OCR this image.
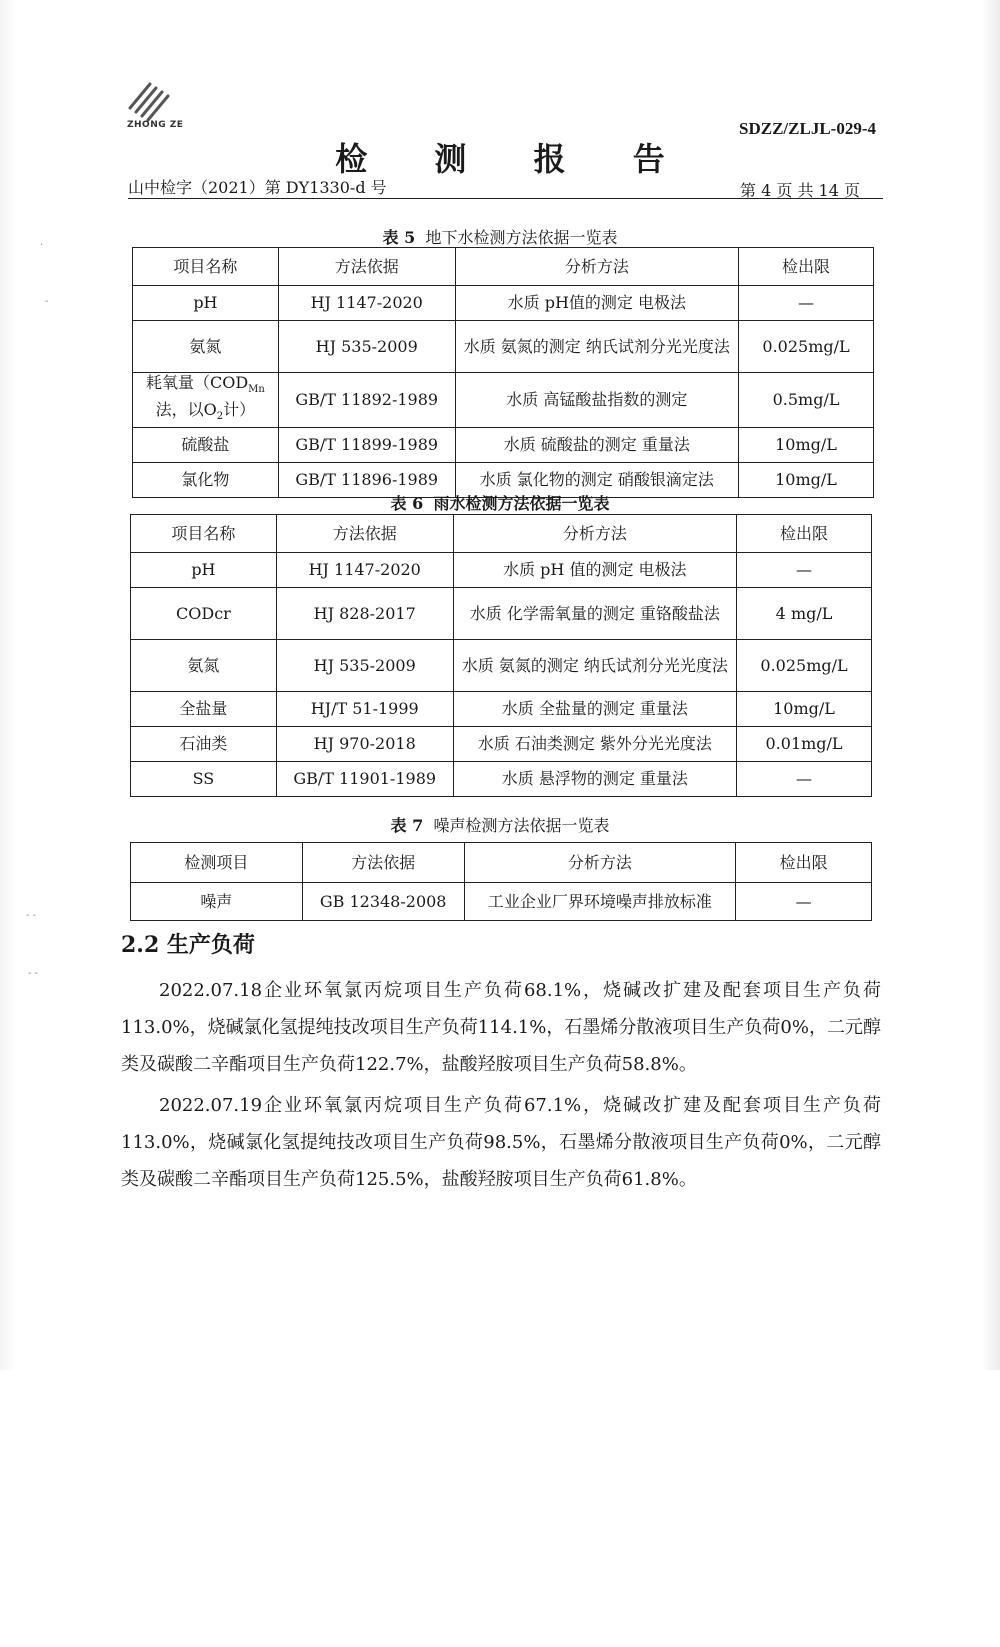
ZHONG ZE	SDZZ/ZLJL-029-4
检 测 报 告
山中检字（2021）第 DY1330-d 号	第 4 页 共 14 页
表 5 地下水检测方法依据一览表
项目名称	方法依据	分析方法	检出限
pH	HJ 1147-2020	水质 pH值的测定 电极法	—
氨氮	HJ 535-2009	水质 氨氮的测定 纳氏试剂分光光度法	0.025mg/L
耗氧量（$COD_{Mn}$法，以$O_2$计）	GB/T 11892-1989	水质 高锰酸盐指数的测定	0.5mg/L
硫酸盐	GB/T 11899-1989	水质 硫酸盐的测定 重量法	10mg/L
氯化物	GB/T 11896-1989	水质 氯化物的测定 硝酸银滴定法	10mg/L
表 6 雨水检测方法依据一览表
项目名称	方法依据	分析方法	检出限
pH	HJ 1147-2020	水质 pH 值的测定 电极法	—
CODcr	HJ 828-2017	水质 化学需氧量的测定 重铬酸盐法	4 mg/L
氨氮	HJ 535-2009	水质 氨氮的测定 纳氏试剂分光光度法	0.025mg/L
全盐量	HJ/T 51-1999	水质 全盐量的测定 重量法	10mg/L
石油类	HJ 970-2018	水质 石油类测定 紫外分光光度法	0.01mg/L
SS	GB/T 11901-1989	水质 悬浮物的测定 重量法	—
表 7 噪声检测方法依据一览表
检测项目	方法依据	分析方法	检出限
噪声	GB 12348-2008	工业企业厂界环境噪声排放标准	—
2.2 生产负荷
2022.07.18企业环氧氯丙烷项目生产负荷68.1%，烧碱改扩建及配套项目生产负荷113.0%，烧碱氯化氢提纯技改项目生产负荷114.1%，石墨烯分散液项目生产负荷0%，二元醇类及碳酸二辛酯项目生产负荷122.7%，盐酸羟胺项目生产负荷58.8%。
2022.07.19企业环氧氯丙烷项目生产负荷67.1%，烧碱改扩建及配套项目生产负荷113.0%，烧碱氯化氢提纯技改项目生产负荷98.5%，石墨烯分散液项目生产负荷0%，二元醇类及碳酸二辛酯项目生产负荷125.5%，盐酸羟胺项目生产负荷61.8%。
·
-
- -
- -
